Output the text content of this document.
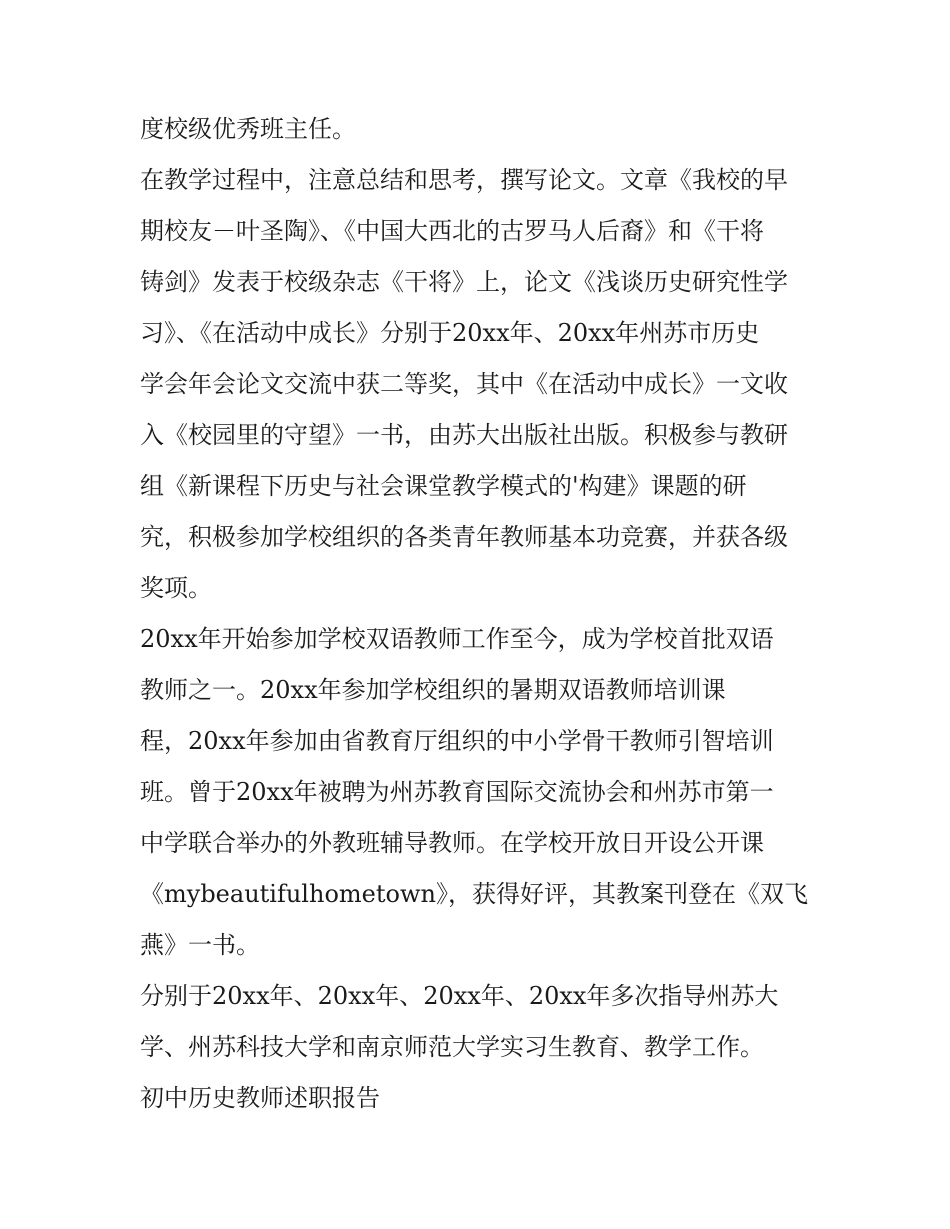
度校级优秀班主任。
在教学过程中，注意总结和思考，撰写论文。文章《我校的早
期校友－叶圣陶》、《中国大西北的古罗马人后裔》和《干将
铸剑》发表于校级杂志《干将》上，论文《浅谈历史研究性学
习》、《在活动中成长》分别于20xx年、20xx年州苏市历史
学会年会论文交流中获二等奖，其中《在活动中成长》一文收
入《校园里的守望》一书，由苏大出版社出版。积极参与教研
组《新课程下历史与社会课堂教学模式的'构建》课题的研
究，积极参加学校组织的各类青年教师基本功竞赛，并获各级
奖项。
20xx年开始参加学校双语教师工作至今，成为学校首批双语
教师之一。20xx年参加学校组织的暑期双语教师培训课
程，20xx年参加由省教育厅组织的中小学骨干教师引智培训
班。曾于20xx年被聘为州苏教育国际交流协会和州苏市第一
中学联合举办的外教班辅导教师。在学校开放日开设公开课
《mybeautifulhometown》，获得好评，其教案刊登在《双飞
燕》一书。
分别于20xx年、20xx年、20xx年、20xx年多次指导州苏大
学、州苏科技大学和南京师范大学实习生教育、教学工作。
初中历史教师述职报告
